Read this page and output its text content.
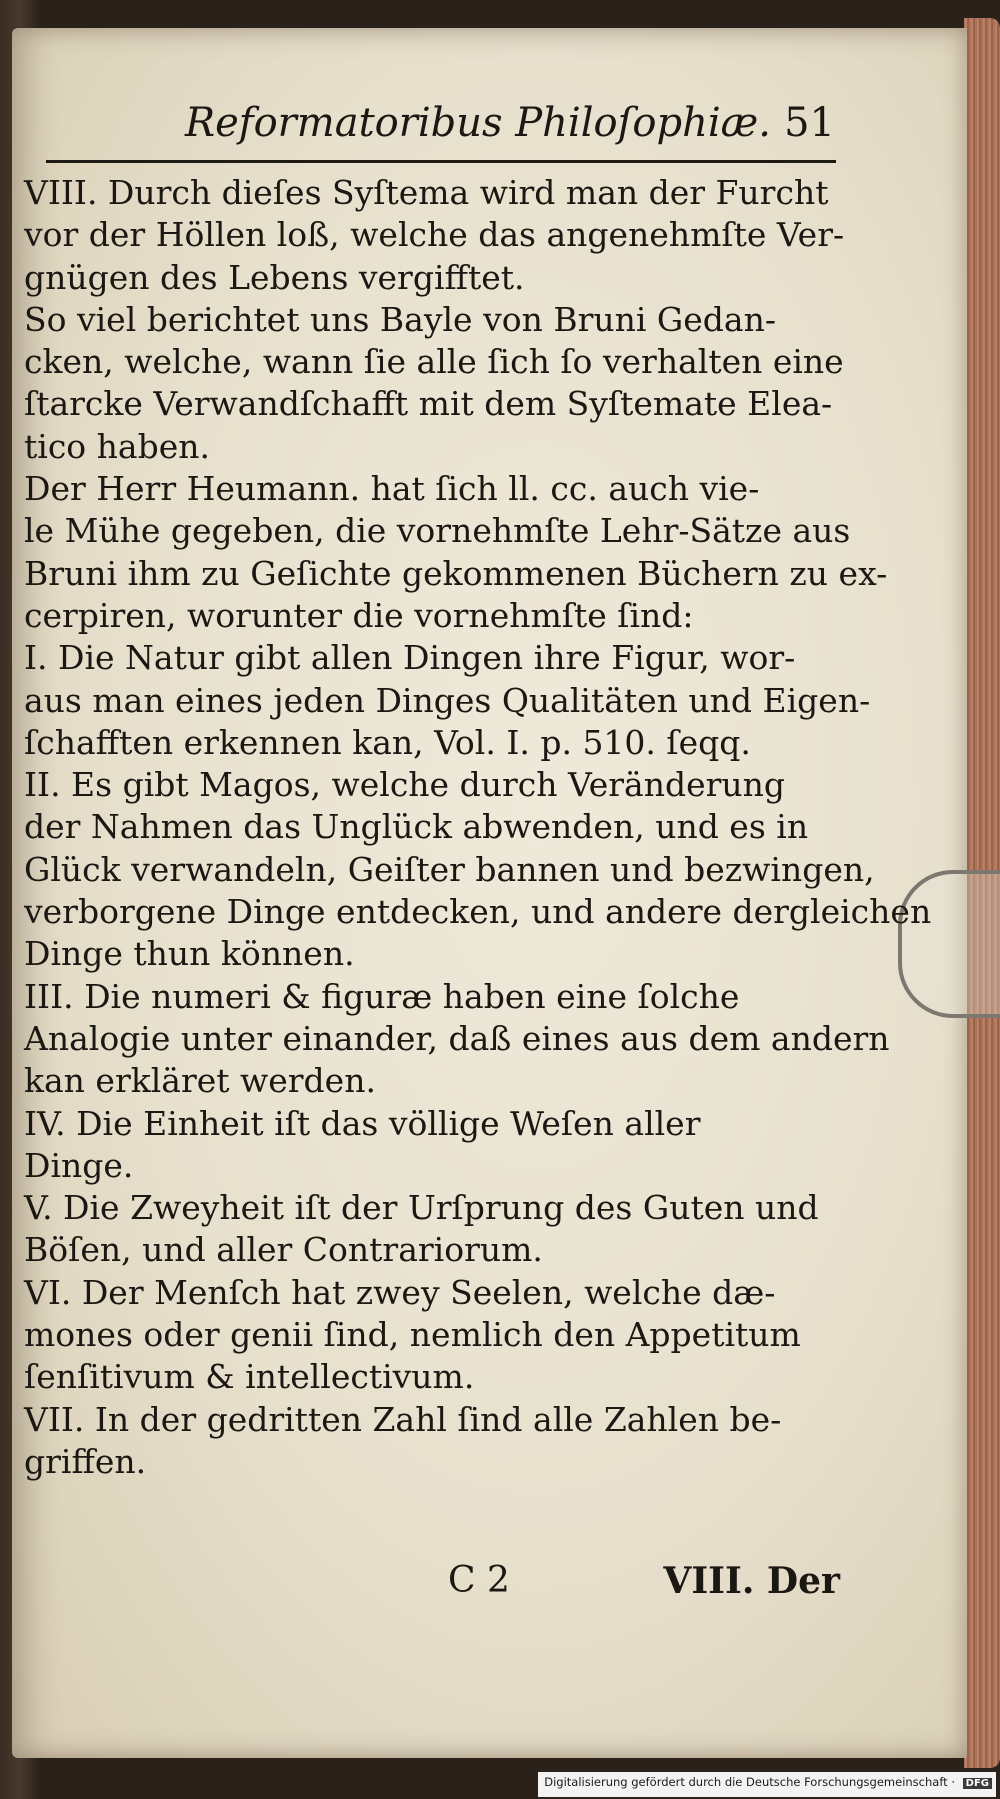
Reformatoribus Philoſophiæ. 51

VIII. Durch dieſes Syſtema wird man der Furcht

vor der Höllen loß, welche das angenehmſte Ver-

gnügen des Lebens vergifftet.

So viel berichtet uns Bayle von Bruni Gedan-

cken, welche, wann ſie alle ſich ſo verhalten eine

ſtarcke Verwandſchafft mit dem Syſtemate Elea-

tico haben.

Der Herr Heumann. hat ſich ll. cc. auch vie-

le Mühe gegeben, die vornehmſte Lehr-Sätze aus

Bruni ihm zu Geſichte gekommenen Büchern zu ex-

cerpiren, worunter die vornehmſte ſind:

I. Die Natur gibt allen Dingen ihre Figur, wor-

aus man eines jeden Dinges Qualitäten und Eigen-

ſchafften erkennen kan, Vol. I. p. 510. ſeqq.

II. Es gibt Magos, welche durch Veränderung

der Nahmen das Unglück abwenden, und es in

Glück verwandeln, Geiſter bannen und bezwingen,

verborgene Dinge entdecken, und andere dergleichen

Dinge thun können.

III. Die numeri & figuræ haben eine ſolche

Analogie unter einander, daß eines aus dem andern

kan erkläret werden.

IV. Die Einheit iſt das völlige Weſen aller

Dinge.

V. Die Zweyheit iſt der Urſprung des Guten und

Böſen, und aller Contrariorum.

VI. Der Menſch hat zwey Seelen, welche dæ-

mones oder genii ſind, nemlich den Appetitum

ſenſitivum & intellectivum.

VII. In der gedritten Zahl ſind alle Zahlen be-

griffen.

C 2	VIII. Der
Digitalisierung gefördert durch die Deutsche Forschungsgemeinschaft · DFG
